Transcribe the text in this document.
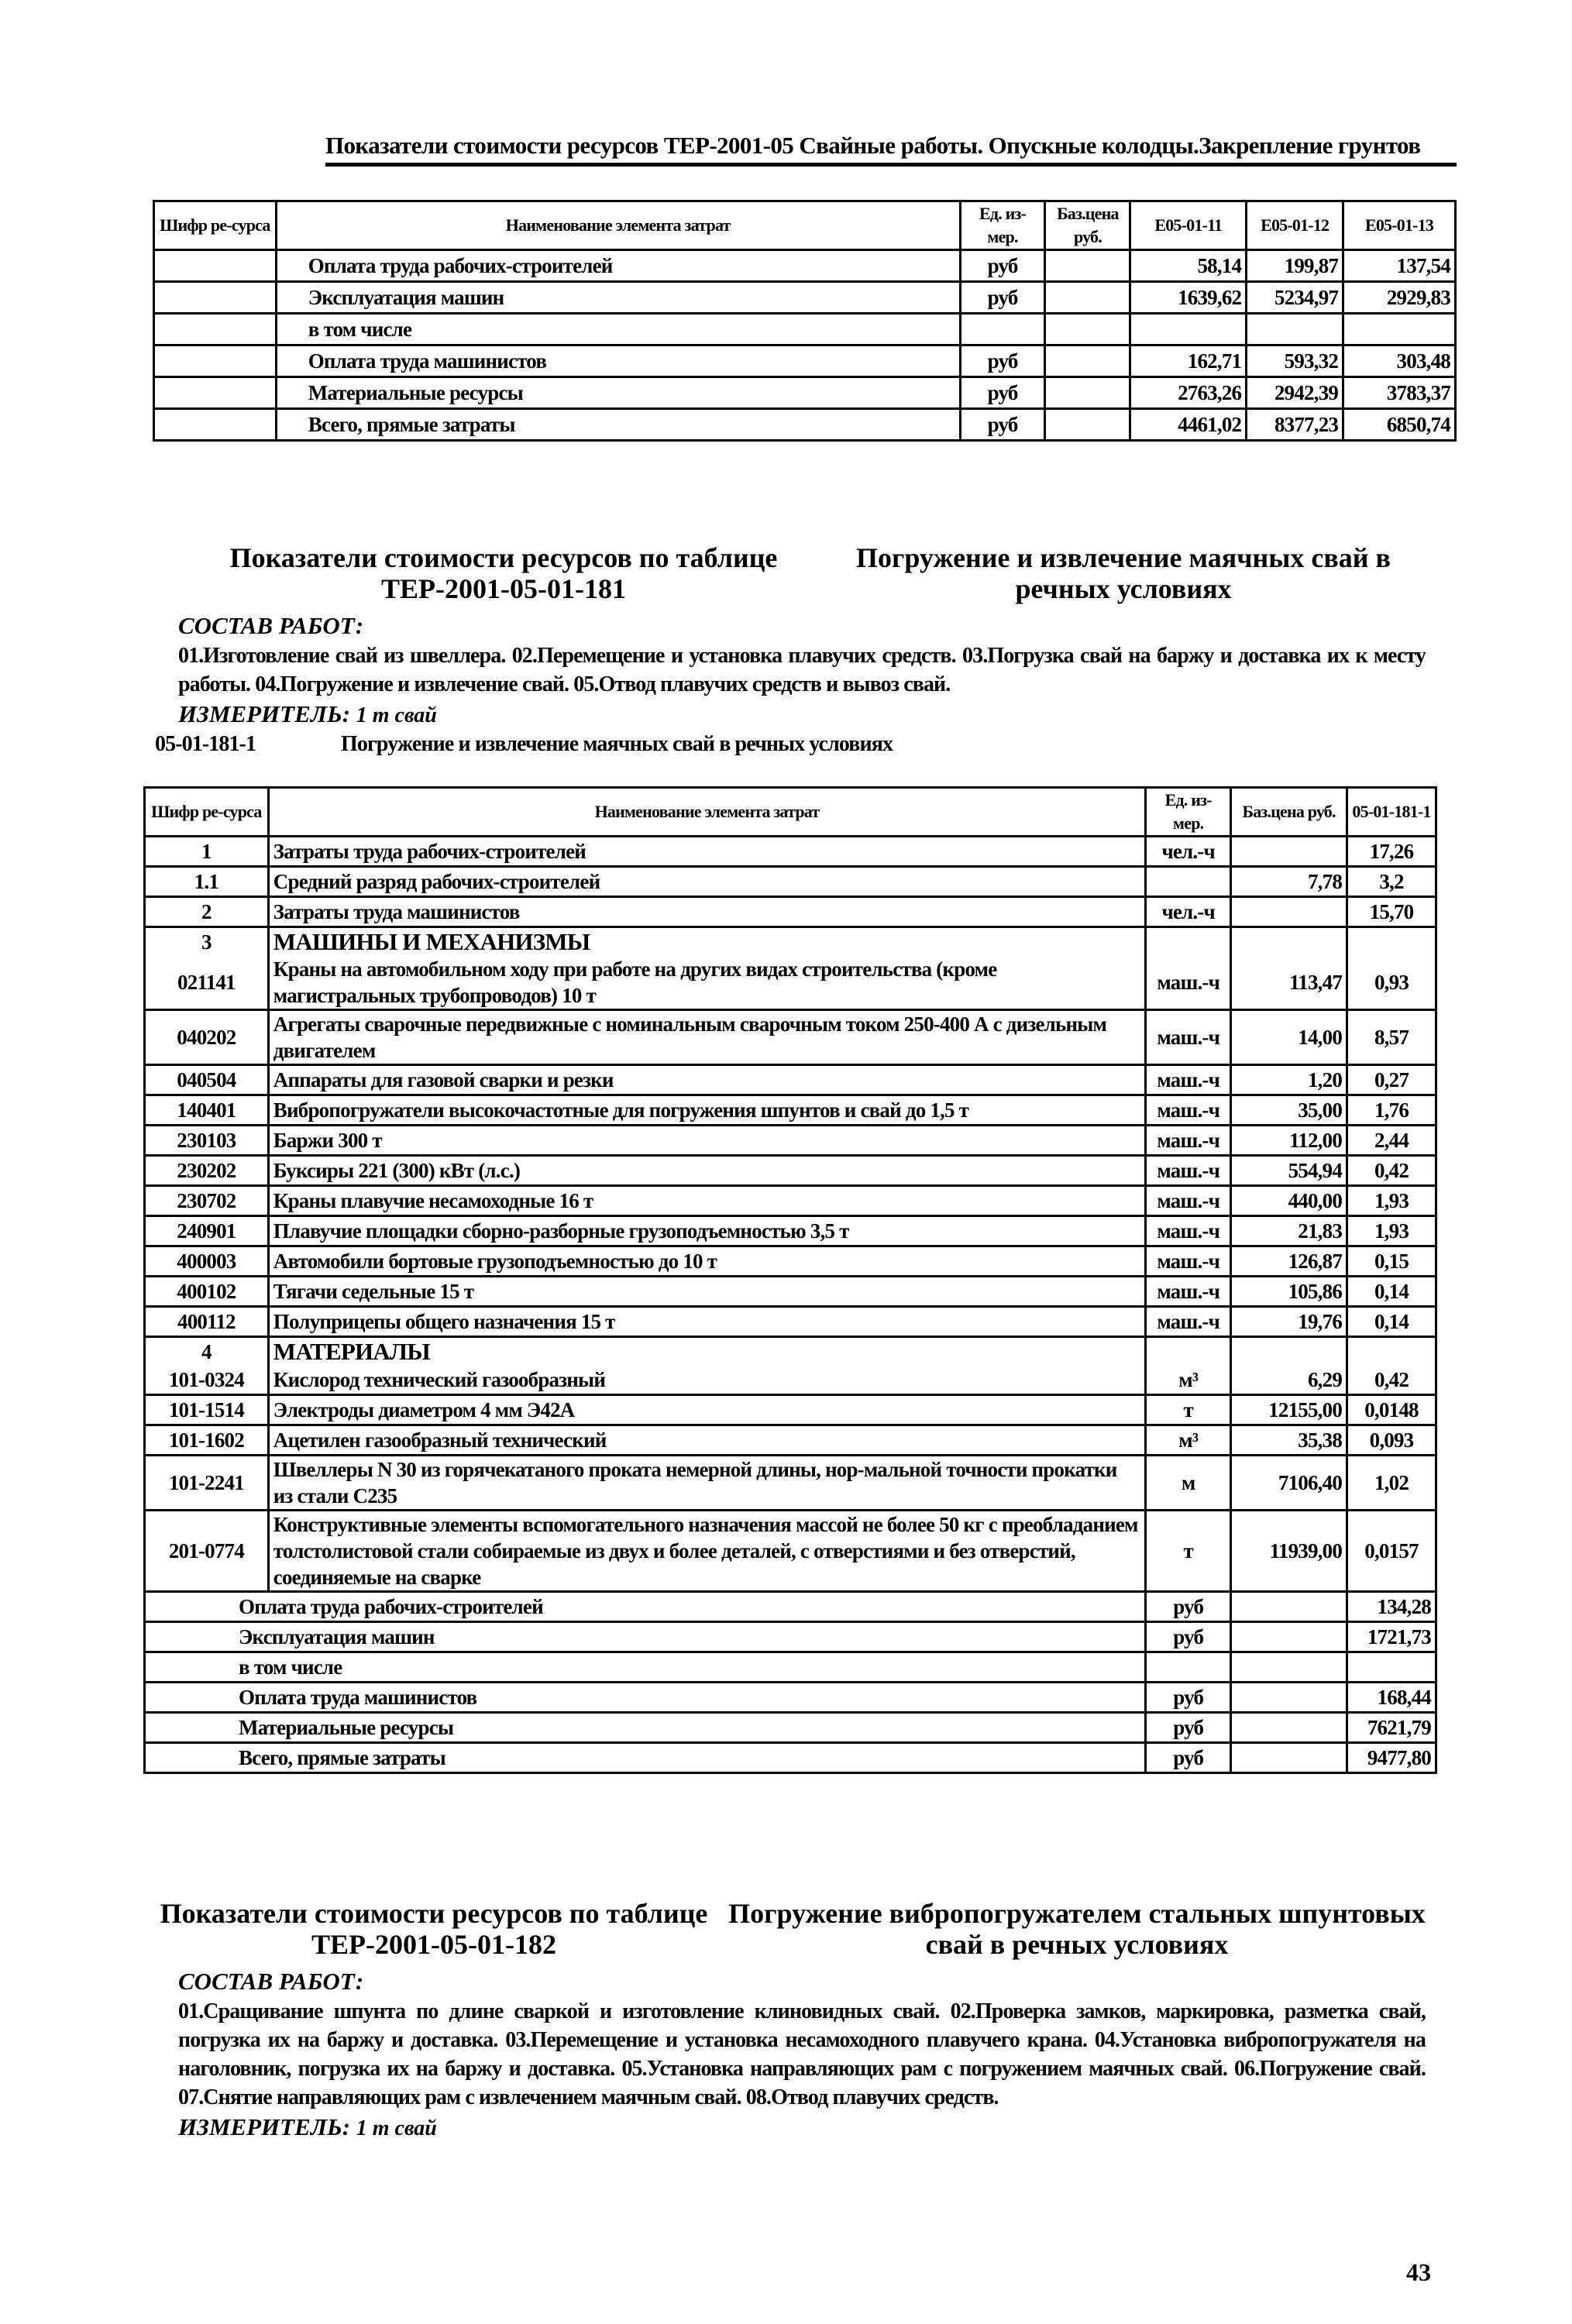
Показатели стоимости ресурсов ТЕР-2001-05 Свайные работы. Опускные колодцы.Закрепление грунтов
Шифр ре-сурса	Наименование элемента затрат	Ед. из-мер.	Баз.цена руб.	Е05-01-11	Е05-01-12	Е05-01-13
	Оплата труда рабочих-строителей	руб		58,14	199,87	137,54
	Эксплуатация машин	руб		1639,62	5234,97	2929,83
	в том числе					
	Оплата труда машинистов	руб		162,71	593,32	303,48
	Материальные ресурсы	руб		2763,26	2942,39	3783,37
	Всего, прямые затраты	руб		4461,02	8377,23	6850,74
Показатели стоимости ресурсов по таблице ТЕР-2001-05-01-181
Погружение и извлечение маячных свай в речных условиях
СОСТАВ РАБОТ:
01.Изготовление свай из швеллера. 02.Перемещение и установка плавучих средств. 03.Погрузка свай на баржу и доставка их к месту работы. 04.Погружение и извлечение свай. 05.Отвод плавучих средств и вывоз свай.
ИЗМЕРИТЕЛЬ: 1 т свай
05-01-181-1	Погружение и извлечение маячных свай в речных условиях
Шифр ре-сурса	Наименование элемента затрат	Ед. из-мер.	Баз.цена руб.	05-01-181-1
1	Затраты труда рабочих-строителей	чел.-ч		17,26
1.1	Средний разряд рабочих-строителей		7,78	3,2
2	Затраты труда машинистов	чел.-ч		15,70
3	МАШИНЫ И МЕХАНИЗМЫ			
021141	Краны на автомобильном ходу при работе на других видах строительства (кроме магистральных трубопроводов) 10 т	маш.-ч	113,47	0,93
040202	Агрегаты сварочные передвижные с номинальным сварочным током 250-400 А с дизельным двигателем	маш.-ч	14,00	8,57
040504	Аппараты для газовой сварки и резки	маш.-ч	1,20	0,27
140401	Вибропогружатели высокочастотные для погружения шпунтов и свай до 1,5 т	маш.-ч	35,00	1,76
230103	Баржи 300 т	маш.-ч	112,00	2,44
230202	Буксиры 221 (300) кВт (л.с.)	маш.-ч	554,94	0,42
230702	Краны плавучие несамоходные 16 т	маш.-ч	440,00	1,93
240901	Плавучие площадки сборно-разборные грузоподъемностью 3,5 т	маш.-ч	21,83	1,93
400003	Автомобили бортовые грузоподъемностью до 10 т	маш.-ч	126,87	0,15
400102	Тягачи седельные 15 т	маш.-ч	105,86	0,14
400112	Полуприцепы общего назначения 15 т	маш.-ч	19,76	0,14
4	МАТЕРИАЛЫ			
101-0324	Кислород технический газообразный	м³	6,29	0,42
101-1514	Электроды диаметром 4 мм Э42А	т	12155,00	0,0148
101-1602	Ацетилен газообразный технический	м³	35,38	0,093
101-2241	Швеллеры N 30 из горячекатаного проката немерной длины, нор-мальной точности прокатки из стали С235	м	7106,40	1,02
201-0774	Конструктивные элементы вспомогательного назначения массой не более 50 кг с преобладанием толстолистовой стали собираемые из двух и более деталей, с отверстиями и без отверстий, соединяемые на сварке	т	11939,00	0,0157
Оплата труда рабочих-строителей		руб		134,28
Эксплуатация машин		руб		1721,73
в том числе				
Оплата труда машинистов		руб		168,44
Материальные ресурсы		руб		7621,79
Всего, прямые затраты		руб		9477,80
Показатели стоимости ресурсов по таблице ТЕР-2001-05-01-182
Погружение вибропогружателем стальных шпунтовых свай в речных условиях
СОСТАВ РАБОТ:
01.Сращивание шпунта по длине сваркой и изготовление клиновидных свай. 02.Проверка замков, маркировка, разметка свай, погрузка их на баржу и доставка. 03.Перемещение и установка несамоходного плавучего крана. 04.Установка вибропогружателя на наголовник, погрузка их на баржу и доставка. 05.Установка направляющих рам с погружением маячных свай. 06.Погружение свай. 07.Снятие направляющих рам с извлечением маячным свай. 08.Отвод плавучих средств.
ИЗМЕРИТЕЛЬ: 1 т свай
43
